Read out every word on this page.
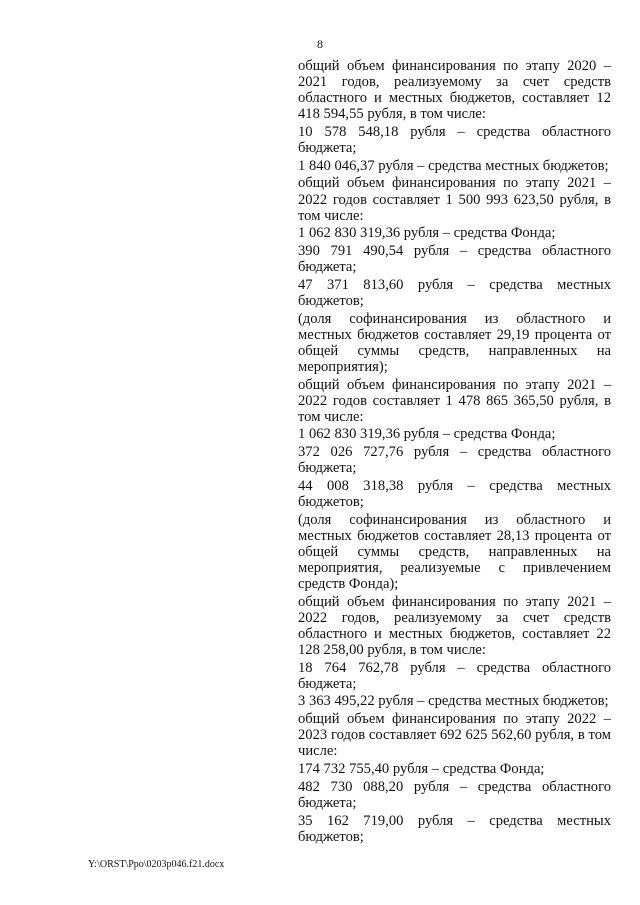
8

общий объем финансирования по этапу 2020 – 2021 годов, реализуемому за счет средств областного и местных бюджетов, составляет 12 418 594,55 рубля, в том числе:

10 578 548,18 рубля – средства областного бюджета;

1 840 046,37 рубля – средства местных бюджетов;

общий объем финансирования по этапу 2021 – 2022 годов составляет 1 500 993 623,50 рубля, в том числе:

1 062 830 319,36 рубля – средства Фонда;

390 791 490,54 рубля – средства областного бюджета;

47 371 813,60 рубля – средства местных бюджетов;

(доля софинансирования из областного и местных бюджетов составляет 29,19 процента от общей суммы средств, направленных на мероприятия);

общий объем финансирования по этапу 2021 – 2022 годов составляет 1 478 865 365,50 рубля, в том числе:

1 062 830 319,36 рубля – средства Фонда;

372 026 727,76 рубля – средства областного бюджета;

44 008 318,38 рубля – средства местных бюджетов;

(доля софинансирования из областного и местных бюджетов составляет 28,13 процента от общей суммы средств, направленных на мероприятия, реализуемые с привлечением средств Фонда);

общий объем финансирования по этапу 2021 – 2022 годов, реализуемому за счет средств областного и местных бюджетов, составляет 22 128 258,00 рубля, в том числе:

18 764 762,78 рубля – средства областного бюджета;

3 363 495,22 рубля – средства местных бюджетов;

общий объем финансирования по этапу 2022 – 2023 годов составляет 692 625 562,60 рубля, в том числе:

174 732 755,40 рубля – средства Фонда;

482 730 088,20 рубля – средства областного бюджета;

35 162 719,00 рубля – средства местных бюджетов;

Y:\ORST\Ppo\0203p046.f21.docx
